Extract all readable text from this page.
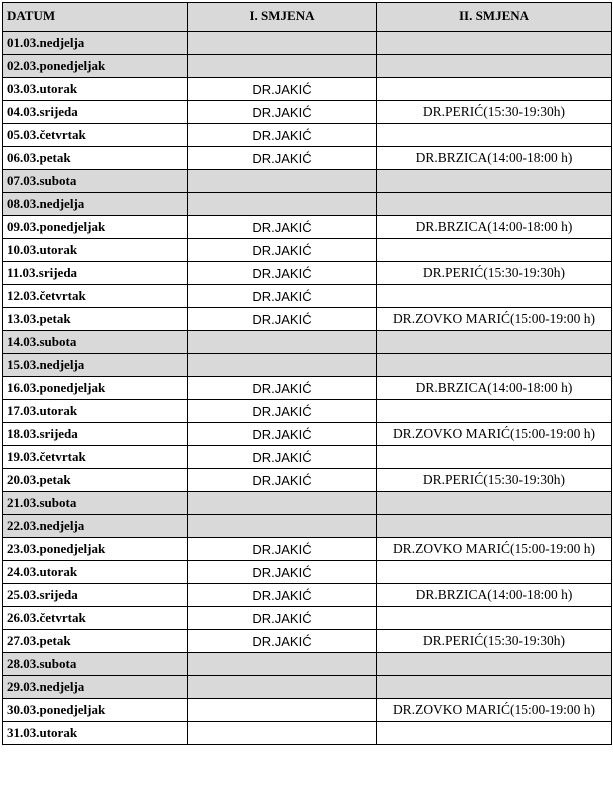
DATUM	I. SMJENA	II. SMJENA
01.03.nedjelja		
02.03.ponedjeljak		
03.03.utorak	DR.JAKIĆ	
04.03.srijeda	DR.JAKIĆ	DR.PERIĆ(15:30-19:30h)
05.03.četvrtak	DR.JAKIĆ	
06.03.petak	DR.JAKIĆ	DR.BRZICA(14:00-18:00 h)
07.03.subota		
08.03.nedjelja		
09.03.ponedjeljak	DR.JAKIĆ	DR.BRZICA(14:00-18:00 h)
10.03.utorak	DR.JAKIĆ	
11.03.srijeda	DR.JAKIĆ	DR.PERIĆ(15:30-19:30h)
12.03.četvrtak	DR.JAKIĆ	
13.03.petak	DR.JAKIĆ	DR.ZOVKO MARIĆ(15:00-19:00 h)
14.03.subota		
15.03.nedjelja		
16.03.ponedjeljak	DR.JAKIĆ	DR.BRZICA(14:00-18:00 h)
17.03.utorak	DR.JAKIĆ	
18.03.srijeda	DR.JAKIĆ	DR.ZOVKO MARIĆ(15:00-19:00 h)
19.03.četvrtak	DR.JAKIĆ	
20.03.petak	DR.JAKIĆ	DR.PERIĆ(15:30-19:30h)
21.03.subota		
22.03.nedjelja		
23.03.ponedjeljak	DR.JAKIĆ	DR.ZOVKO MARIĆ(15:00-19:00 h)
24.03.utorak	DR.JAKIĆ	
25.03.srijeda	DR.JAKIĆ	DR.BRZICA(14:00-18:00 h)
26.03.četvrtak	DR.JAKIĆ	
27.03.petak	DR.JAKIĆ	DR.PERIĆ(15:30-19:30h)
28.03.subota		
29.03.nedjelja		
30.03.ponedjeljak		DR.ZOVKO MARIĆ(15:00-19:00 h)
31.03.utorak		
